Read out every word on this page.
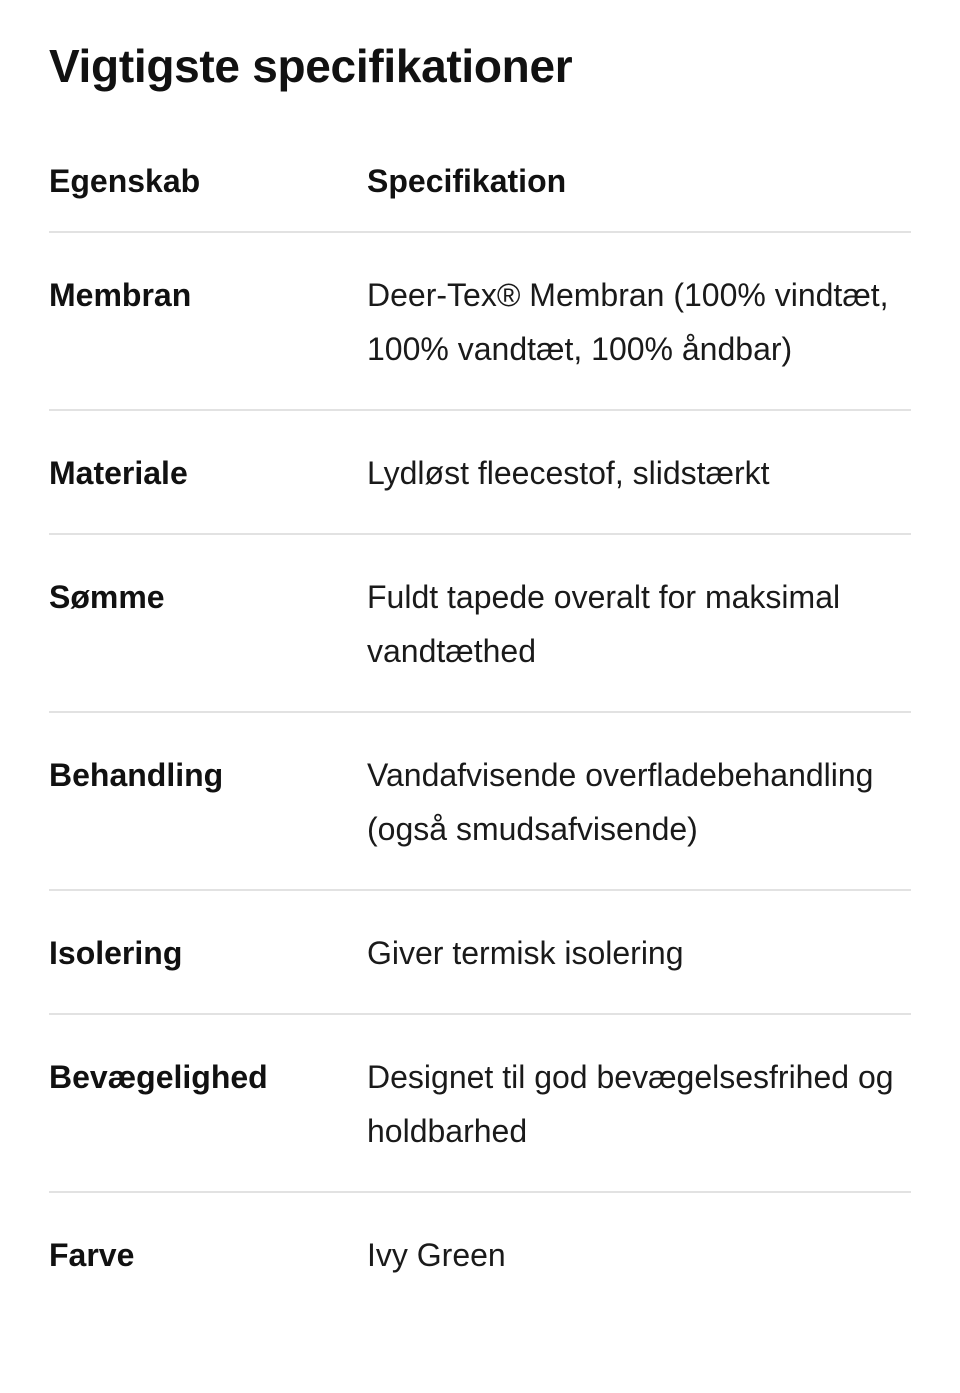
Vigtigste specifikationer
Egenskab	Specifikation
Membran	Deer-Tex® Membran (100% vindtæt, 100% vandtæt, 100% åndbar)
Materiale	Lydløst fleecestof, slidstærkt
Sømme	Fuldt tapede overalt for maksimal vandtæthed
Behandling	Vandafvisende overfladebehandling (også smudsafvisende)
Isolering	Giver termisk isolering
Bevægelighed	Designet til god bevægelsesfrihed og holdbarhed
Farve	Ivy Green
